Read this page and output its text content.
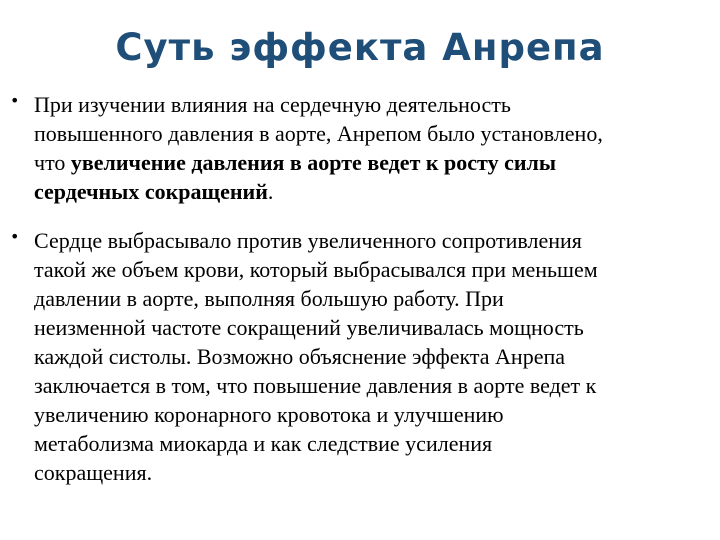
Суть эффекта Анрепа
• При изучении влияния на сердечную деятельность
повышенного давления в аорте, Анрепом было установлено,
что увеличение давления в аорте ведет к росту силы
сердечных сокращений.
• Сердце выбрасывало против увеличенного сопротивления
такой же объем крови, который выбрасывался при меньшем
давлении в аорте, выполняя большую работу. При
неизменной частоте сокращений увеличивалась мощность
каждой систолы. Возможно объяснение эффекта Анрепа
заключается в том, что повышение давления в аорте ведет к
увеличению коронарного кровотока и улучшению
метаболизма миокарда и как следствие усиления
сокращения.
